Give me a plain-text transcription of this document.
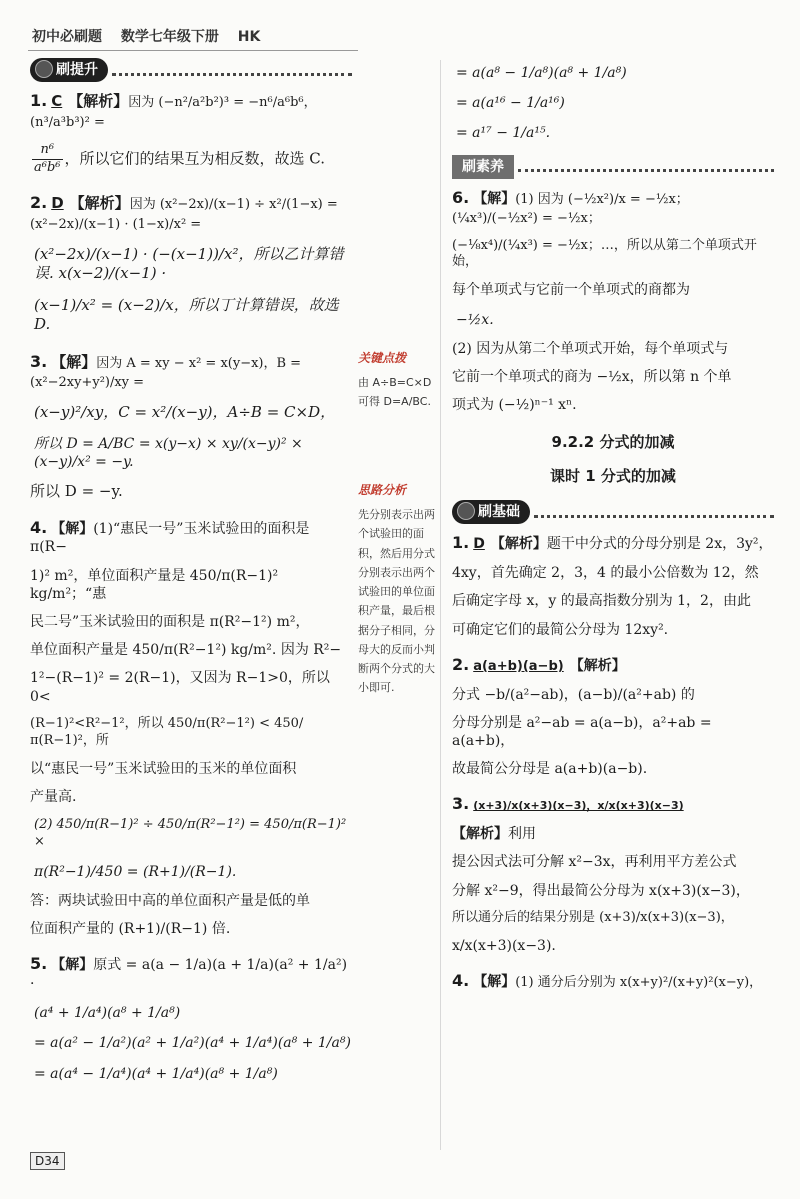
初中必刷题 数学七年级下册 HK
刷提升
1. C 【解析】因为 (−n²/a²b²)³ = −n⁶/a⁶b⁶，(n³/a³b³)² =
$\frac{\text{n⁶}}{\text{a⁶b⁶}}$ ，所以它们的结果互为相反数，故选 C.
2. D 【解析】因为 (x²−2x)/(x−1) ÷ x²/(1−x) = (x²−2x)/(x−1) · (1−x)/x² =
(x²−2x)/(x−1) · (−(x−1))/x²，所以乙计算错误. x(x−2)/(x−1) ·
(x−1)/x² = (x−2)/x，所以丁计算错误，故选 D.
3. 【解】因为 A = xy − x² = x(y−x)，B = (x²−2xy+y²)/xy =
(x−y)²/xy，C = x²/(x−y)，A÷B = C×D，
所以 D = A/BC = x(y−x) × xy/(x−y)² × (x−y)/x² = −y.
所以 D = −y.
4. 【解】(1)“惠民一号”玉米试验田的面积是 π(R−
1)² m²，单位面积产量是 450/π(R−1)² kg/m²；“惠
民二号”玉米试验田的面积是 π(R²−1²) m²，
单位面积产量是 450/π(R²−1²) kg/m². 因为 R²−
1²−(R−1)² = 2(R−1)，又因为 R−1>0，所以 0<
(R−1)²<R²−1²，所以 450/π(R²−1²) < 450/π(R−1)²，所
以“惠民一号”玉米试验田的玉米的单位面积
产量高.
(2) 450/π(R−1)² ÷ 450/π(R²−1²) = 450/π(R−1)² ×
π(R²−1)/450 = (R+1)/(R−1).
答：两块试验田中高的单位面积产量是低的单
位面积产量的 (R+1)/(R−1) 倍.
5. 【解】原式 = a(a − 1/a)(a + 1/a)(a² + 1/a²) ·
(a⁴ + 1/a⁴)(a⁸ + 1/a⁸)
= a(a² − 1/a²)(a² + 1/a²)(a⁴ + 1/a⁴)(a⁸ + 1/a⁸)
= a(a⁴ − 1/a⁴)(a⁴ + 1/a⁴)(a⁸ + 1/a⁸)
关键点拨
由 A÷B=C×D
可得 D=A/BC.
思路分析
先分别表示出两个试验田的面积，然后用分式分别表示出两个试验田的单位面积产量，最后根据分子相同，分母大的反而小判断两个分式的大小即可.
D34
= a(a⁸ − 1/a⁸)(a⁸ + 1/a⁸)
= a(a¹⁶ − 1/a¹⁶)
= a¹⁷ − 1/a¹⁵.
刷素养
6. 【解】(1) 因为 (−½x²)/x = −½x；(¼x³)/(−½x²) = −½x；
(−⅛x⁴)/(¼x³) = −½x；…，所以从第二个单项式开始，
每个单项式与它前一个单项式的商都为
−½x.
(2) 因为从第二个单项式开始，每个单项式与
它前一个单项式的商为 −½x，所以第 n 个单
项式为 (−½)ⁿ⁻¹ xⁿ.
9.2.2 分式的加减
课时 1 分式的加减
刷基础
1. D 【解析】题干中分式的分母分别是 2x，3y²，
4xy，首先确定 2，3，4 的最小公倍数为 12，然
后确定字母 x，y 的最高指数分别为 1，2，由此
可确定它们的最简公分母为 12xy².
2. a(a+b)(a−b) 【解析】
分式 −b/(a²−ab)，(a−b)/(a²+ab) 的
分母分别是 a²−ab = a(a−b)，a²+ab = a(a+b)，
故最简公分母是 a(a+b)(a−b).
3. (x+3)/x(x+3)(x−3)，x/x(x+3)(x−3)
【解析】利用
提公因式法可分解 x²−3x，再利用平方差公式
分解 x²−9，得出最简公分母为 x(x+3)(x−3)，
所以通分后的结果分别是 (x+3)/x(x+3)(x−3)，
x/x(x+3)(x−3).
4. 【解】(1) 通分后分别为 x(x+y)²/(x+y)²(x−y)，
